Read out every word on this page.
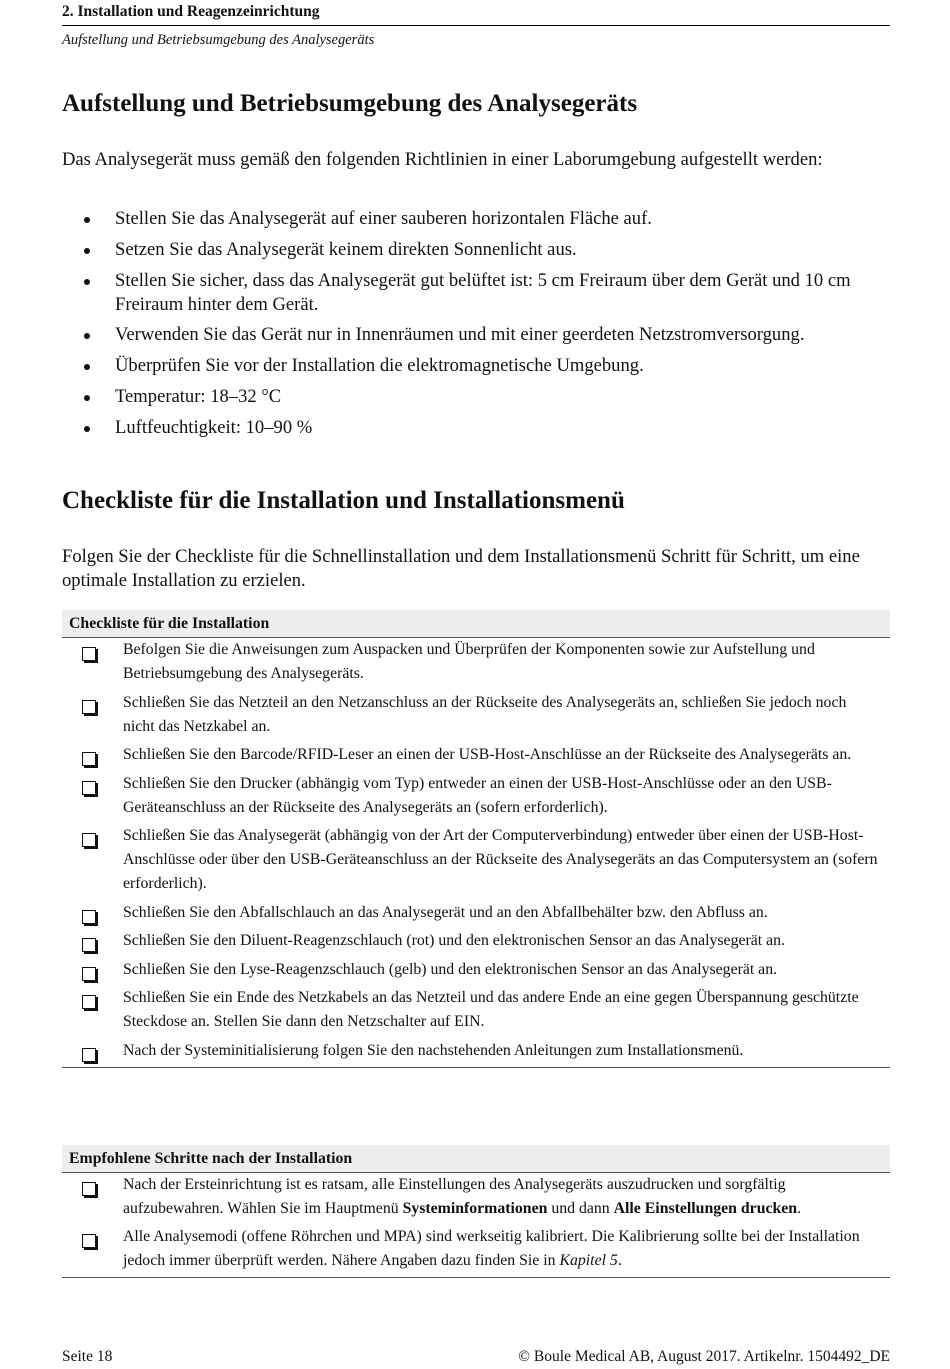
2. Installation und Reagenzeinrichtung
Aufstellung und Betriebsumgebung des Analysegeräts
Aufstellung und Betriebsumgebung des Analysegeräts
Das Analysegerät muss gemäß den folgenden Richtlinien in einer Laborumgebung aufgestellt werden:
Stellen Sie das Analysegerät auf einer sauberen horizontalen Fläche auf.
Setzen Sie das Analysegerät keinem direkten Sonnenlicht aus.
Stellen Sie sicher, dass das Analysegerät gut belüftet ist: 5 cm Freiraum über dem Gerät und 10 cm Freiraum hinter dem Gerät.
Verwenden Sie das Gerät nur in Innenräumen und mit einer geerdeten Netzstromversorgung.
Überprüfen Sie vor der Installation die elektromagnetische Umgebung.
Temperatur: 18–32 °C
Luftfeuchtigkeit: 10–90 %
Checkliste für die Installation und Installationsmenü
Folgen Sie der Checkliste für die Schnellinstallation und dem Installationsmenü Schritt für Schritt, um eine optimale Installation zu erzielen.
Checkliste für die Installation
Befolgen Sie die Anweisungen zum Auspacken und Überprüfen der Komponenten sowie zur Aufstellung und Betriebsumgebung des Analysegeräts.
Schließen Sie das Netzteil an den Netzanschluss an der Rückseite des Analysegeräts an, schließen Sie jedoch noch nicht das Netzkabel an.
Schließen Sie den Barcode/RFID-Leser an einen der USB-Host-Anschlüsse an der Rückseite des Analysegeräts an.
Schließen Sie den Drucker (abhängig vom Typ) entweder an einen der USB-Host-Anschlüsse oder an den USB-Geräteanschluss an der Rückseite des Analysegeräts an (sofern erforderlich).
Schließen Sie das Analysegerät (abhängig von der Art der Computerverbindung) entweder über einen der USB-Host-Anschlüsse oder über den USB-Geräteanschluss an der Rückseite des Analysegeräts an das Computersystem an (sofern erforderlich).
Schließen Sie den Abfallschlauch an das Analysegerät und an den Abfallbehälter bzw. den Abfluss an.
Schließen Sie den Diluent-Reagenzschlauch (rot) und den elektronischen Sensor an das Analysegerät an.
Schließen Sie den Lyse-Reagenzschlauch (gelb) und den elektronischen Sensor an das Analysegerät an.
Schließen Sie ein Ende des Netzkabels an das Netzteil und das andere Ende an eine gegen Überspannung geschützte Steckdose an. Stellen Sie dann den Netzschalter auf EIN.
Nach der Systeminitialisierung folgen Sie den nachstehenden Anleitungen zum Installationsmenü.
Empfohlene Schritte nach der Installation
Nach der Ersteinrichtung ist es ratsam, alle Einstellungen des Analysegeräts auszudrucken und sorgfältig aufzubewahren. Wählen Sie im Hauptmenü Systeminformationen und dann Alle Einstellungen drucken.
Alle Analysemodi (offene Röhrchen und MPA) sind werkseitig kalibriert. Die Kalibrierung sollte bei der Installation jedoch immer überprüft werden. Nähere Angaben dazu finden Sie in Kapitel 5.
Seite 18	© Boule Medical AB, August 2017. Artikelnr. 1504492_DE
